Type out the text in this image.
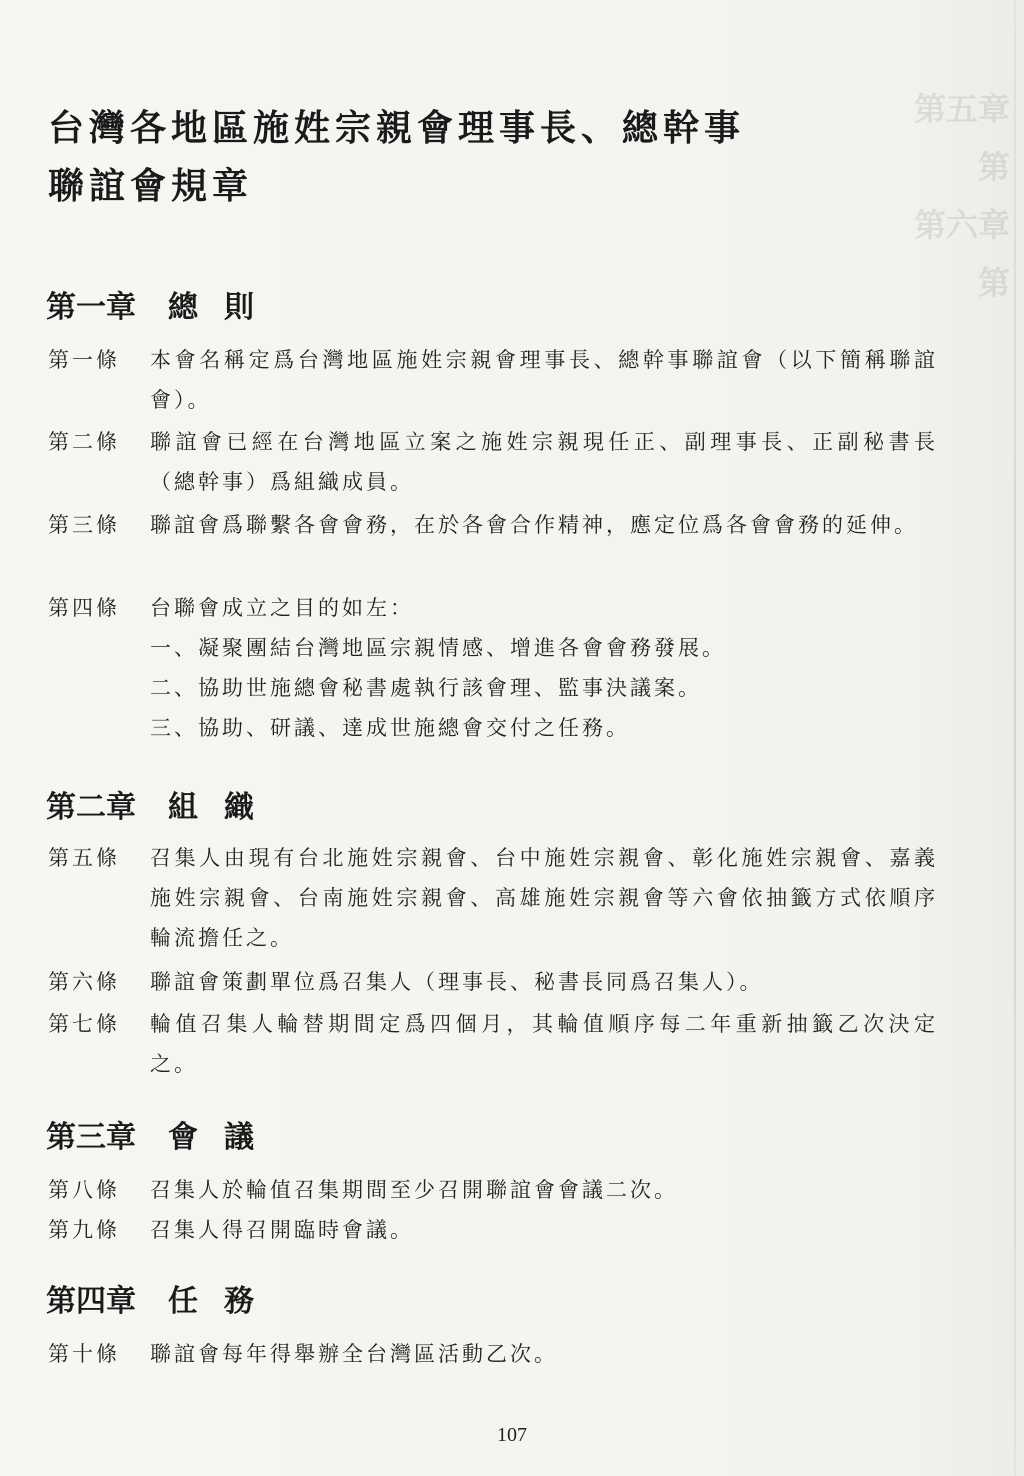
第五章
第
第六章
第
台灣各地區施姓宗親會理事長、總幹事
聯誼會規章
第一章 總則
第一條	本會名稱定爲台灣地區施姓宗親會理事長、總幹事聯誼會（以下簡稱聯誼會）。
第二條	聯誼會已經在台灣地區立案之施姓宗親現任正、副理事長、正副秘書長（總幹事）爲組織成員。
第三條	聯誼會爲聯繫各會會務，在於各會合作精神，應定位爲各會會務的延伸。
第四條	台聯會成立之目的如左：
一、凝聚團結台灣地區宗親情感、增進各會會務發展。
二、協助世施總會秘書處執行該會理、監事決議案。
三、協助、研議、達成世施總會交付之任務。
第二章 組織
第五條	召集人由現有台北施姓宗親會、台中施姓宗親會、彰化施姓宗親會、嘉義施姓宗親會、台南施姓宗親會、高雄施姓宗親會等六會依抽籤方式依順序輪流擔任之。
第六條	聯誼會策劃單位爲召集人（理事長、秘書長同爲召集人）。
第七條	輪值召集人輪替期間定爲四個月，其輪值順序每二年重新抽籤乙次決定之。
第三章 會議
第八條	召集人於輪值召集期間至少召開聯誼會會議二次。
第九條	召集人得召開臨時會議。
第四章 任務
第十條	聯誼會每年得舉辦全台灣區活動乙次。
107
